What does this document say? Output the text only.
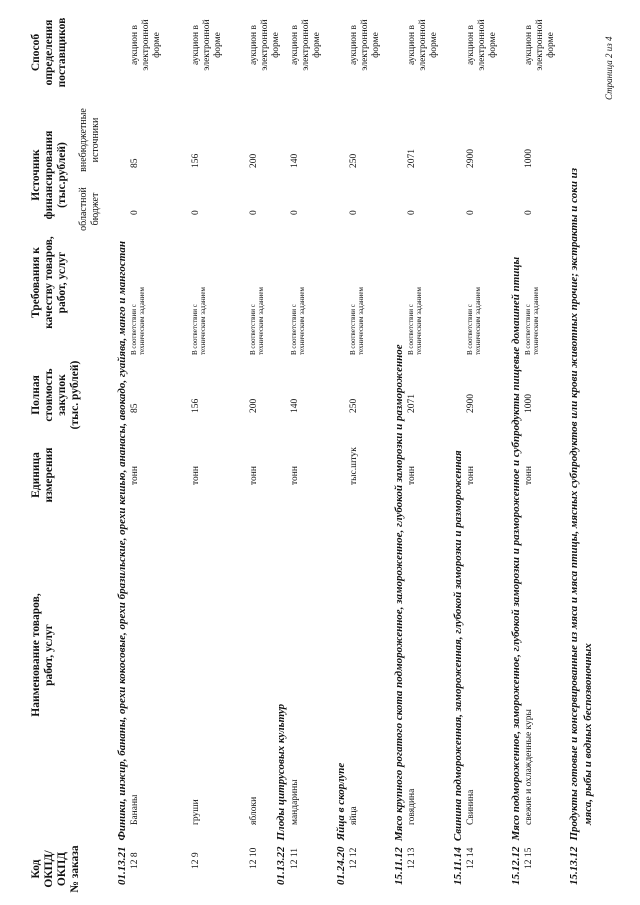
Код ОКПД/ ОКПД № заказа
Наименование товаров, работ, услуг
Единица измерения
Полная стоимость закупок (тыс. рублей)
Требования к качеству товаров, работ, услуг
Источник финансирования (тыс.рублей)
областной бюджет
внебюджетные источники
Способ определения поставщиков
01.13.21Финики, инжир, бананы, орехи кокосовые, орехи бразильские, орехи кешью, ананасы, авокадо, гуайява, манго и мангостан
01.13.22Плоды цитрусовых культур
01.24.20Яйца в скорлупе
15.11.12Мясо крупного рогатого скота подмороженное, замороженное, глубокой заморозки и размороженное
15.11.14Свинина подмороженная, замороженная, глубокой заморозки и размороженная
15.12.12Мясо подмороженное, замороженное, глубокой заморозки и размороженное и субпродукты пищевые домашней птицы
15.13.12Продукты готовые и консервированные из мяса и мяса птицы, мясных субпродуктов или крови животных прочие; экстракты и соки из мяса, рыбы и водных беспозвоночных
12 8
Бананы
тонн
85
В соответствии с техническим заданием
0
85
аукцион в электронной форме
12 9
груши
тонн
156
В соответствии с техническим заданием
0
156
аукцион в электронной форме
12 10
яблоки
тонн
200
В соответствии с техническим заданием
0
200
аукцион в электронной форме
12 11
мандарины
тонн
140
В соответствии с техническим заданием
0
140
аукцион в электронной форме
12 12
яйца
тыс.штук
250
В соответствии с техническим заданием
0
250
аукцион в электронной форме
12 13
говядина
тонн
2071
В соответствии с техническим заданием
0
2071
аукцион в электронной форме
12 14
Свинина
тонн
2900
В соответствии с техническим заданием
0
2900
аукцион в электронной форме
12 15
свежие и охлажденные куры
тонн
1000
В соответствии с техническим заданием
0
1000
аукцион в электронной форме	Страница 2 из 4
